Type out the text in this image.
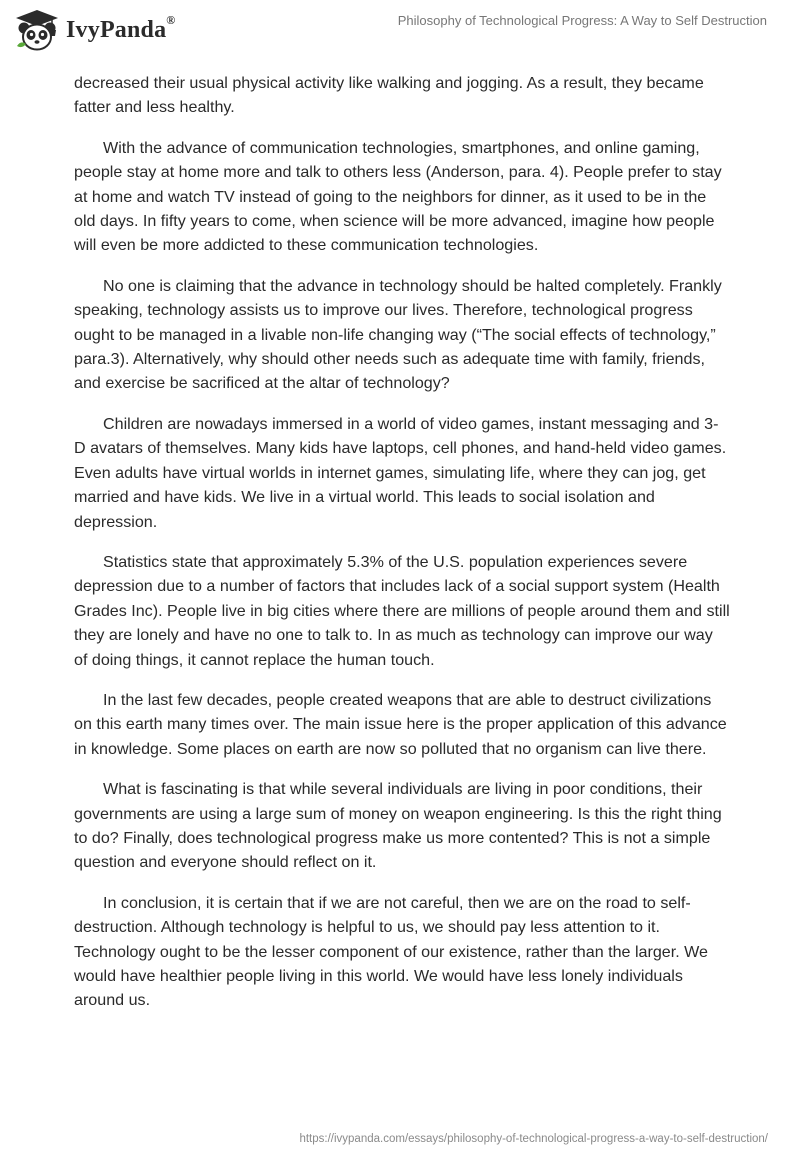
IvyPanda®	Philosophy of Technological Progress: A Way to Self Destruction

decreased their usual physical activity like walking and jogging. As a result, they became fatter and less healthy.

With the advance of communication technologies, smartphones, and online gaming, people stay at home more and talk to others less (Anderson, para. 4). People prefer to stay at home and watch TV instead of going to the neighbors for dinner, as it used to be in the old days. In fifty years to come, when science will be more advanced, imagine how people will even be more addicted to these communication technologies.

No one is claiming that the advance in technology should be halted completely. Frankly speaking, technology assists us to improve our lives. Therefore, technological progress ought to be managed in a livable non-life changing way (“The social effects of technology,” para.3). Alternatively, why should other needs such as adequate time with family, friends, and exercise be sacrificed at the altar of technology?

Children are nowadays immersed in a world of video games, instant messaging and 3-D avatars of themselves. Many kids have laptops, cell phones, and hand-held video games. Even adults have virtual worlds in internet games, simulating life, where they can jog, get married and have kids. We live in a virtual world. This leads to social isolation and depression.

Statistics state that approximately 5.3% of the U.S. population experiences severe depression due to a number of factors that includes lack of a social support system (Health Grades Inc). People live in big cities where there are millions of people around them and still they are lonely and have no one to talk to. In as much as technology can improve our way of doing things, it cannot replace the human touch.

In the last few decades, people created weapons that are able to destruct civilizations on this earth many times over. The main issue here is the proper application of this advance in knowledge. Some places on earth are now so polluted that no organism can live there.

What is fascinating is that while several individuals are living in poor conditions, their governments are using a large sum of money on weapon engineering. Is this the right thing to do? Finally, does technological progress make us more contented? This is not a simple question and everyone should reflect on it.

In conclusion, it is certain that if we are not careful, then we are on the road to self-destruction. Although technology is helpful to us, we should pay less attention to it. Technology ought to be the lesser component of our existence, rather than the larger. We would have healthier people living in this world. We would have less lonely individuals around us.

https://ivypanda.com/essays/philosophy-of-technological-progress-a-way-to-self-destruction/
